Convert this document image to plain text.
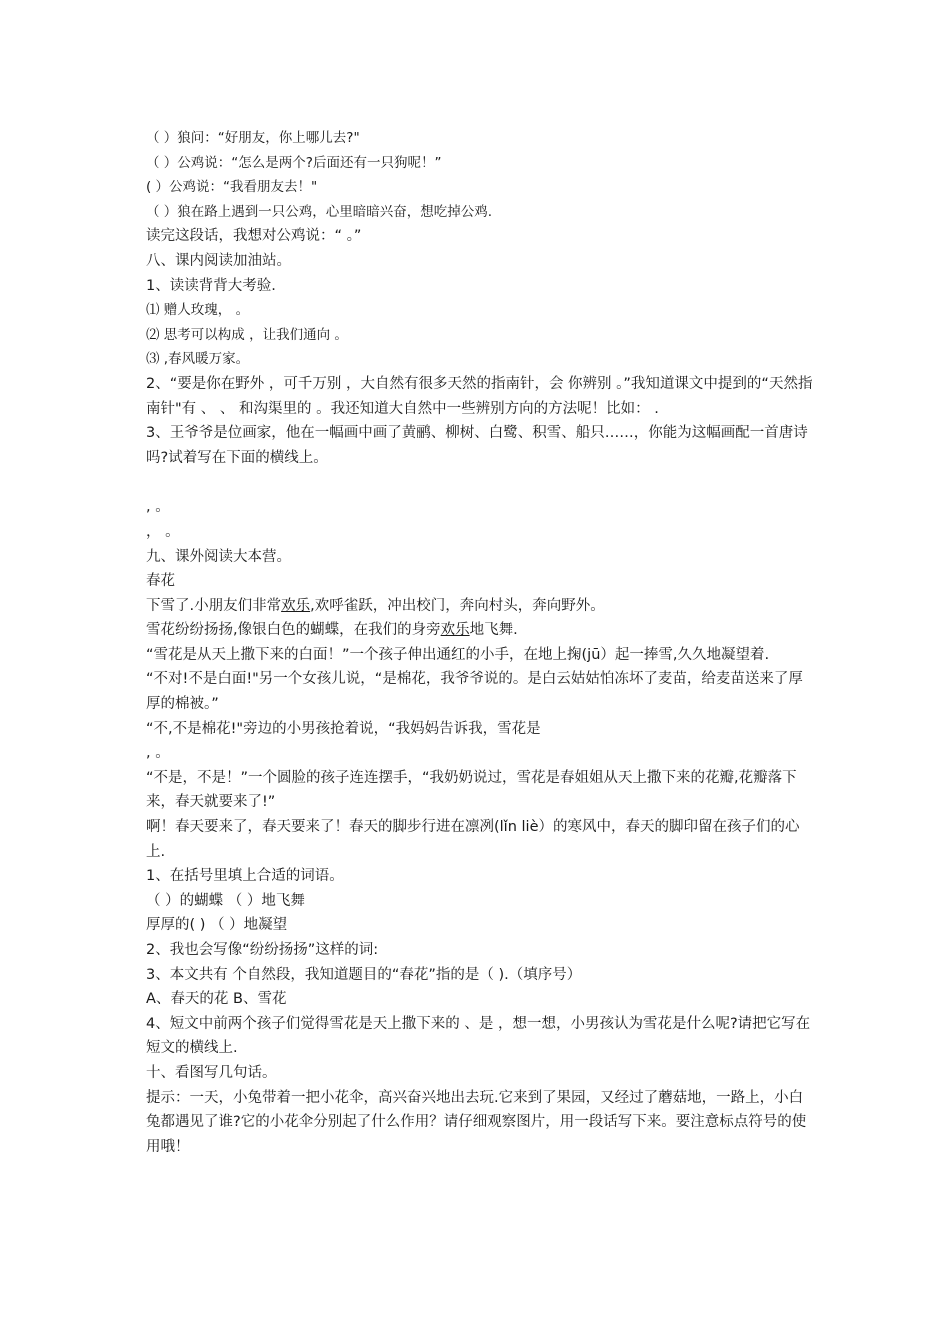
（ ）狼问：“好朋友，你上哪儿去?"
（ ）公鸡说：“怎么是两个?后面还有一只狗呢！”
( ）公鸡说：“我看朋友去！"
（ ）狼在路上遇到一只公鸡，心里暗暗兴奋，想吃掉公鸡.
读完这段话，我想对公鸡说：“ 。”
八、课内阅读加油站。
1、读读背背大考验.
⑴ 赠人玫瑰， 。
⑵ 思考可以构成 ，让我们通向 。
⑶ ,春风暖万家。
2、“要是你在野外 ，可千万别 ，大自然有很多天然的指南针，会 你辨别 。”我知道课文中提到的“天然指南针"有 、 、 和沟渠里的 。我还知道大自然中一些辨别方向的方法呢！比如： .
3、王爷爷是位画家，他在一幅画中画了黄鹂、柳树、白鹭、积雪、船只……，你能为这幅画配一首唐诗吗?试着写在下面的横线上。
, 。
， 。
九、课外阅读大本营。
春花
下雪了.小朋友们非常欢乐,欢呼雀跃，冲出校门，奔向村头，奔向野外。
雪花纷纷扬扬,像银白色的蝴蝶，在我们的身旁欢乐地飞舞.
“雪花是从天上撒下来的白面！”一个孩子伸出通红的小手，在地上掬(jū）起一捧雪,久久地凝望着.
“不对!不是白面!"另一个女孩儿说，“是棉花，我爷爷说的。是白云姑姑怕冻坏了麦苗，给麦苗送来了厚厚的棉被。”
“不,不是棉花!"旁边的小男孩抢着说，“我妈妈告诉我，雪花是
, 。
“不是，不是！”一个圆脸的孩子连连摆手，“我奶奶说过，雪花是春姐姐从天上撒下来的花瓣,花瓣落下来，春天就要来了!”
啊！春天要来了，春天要来了！春天的脚步行进在凛冽(lǐn liè）的寒风中，春天的脚印留在孩子们的心上.
1、在括号里填上合适的词语。
（ ）的蝴蝶 （ ）地飞舞
厚厚的( ) （ ）地凝望
2、我也会写像“纷纷扬扬”这样的词:
3、本文共有 个自然段，我知道题目的“春花”指的是（ ).（填序号）
A、春天的花 B、雪花
4、短文中前两个孩子们觉得雪花是天上撒下来的 、是 ，想一想，小男孩认为雪花是什么呢?请把它写在短文的横线上.
十、看图写几句话。
提示：一天，小兔带着一把小花伞，高兴奋兴地出去玩.它来到了果园，又经过了蘑菇地，一路上，小白兔都遇见了谁?它的小花伞分别起了什么作用？请仔细观察图片，用一段话写下来。要注意标点符号的使用哦！
